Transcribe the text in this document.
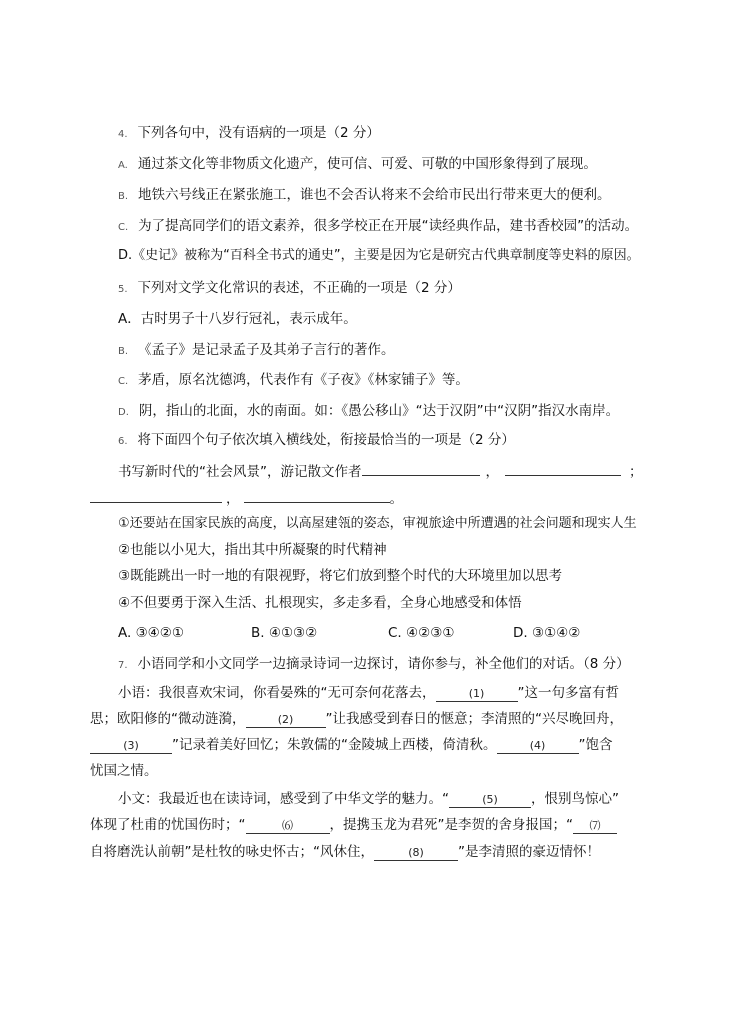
4. 下列各句中，没有语病的一项是（2 分）
A. 通过茶文化等非物质文化遗产，使可信、可爱、可敬的中国形象得到了展现。
B. 地铁六号线正在紧张施工，谁也不会否认将来不会给市民出行带来更大的便利。
C. 为了提高同学们的语文素养，很多学校正在开展“读经典作品，建书香校园”的活动。
D.《史记》被称为“百科全书式的通史”，主要是因为它是研究古代典章制度等史料的原因。
5. 下列对文学文化常识的表述，不正确的一项是（2 分）
A．古时男子十八岁行冠礼，表示成年。
B. 《孟子》是记录孟子及其弟子言行的著作。
C. 茅盾，原名沈德鸿，代表作有《子夜》《林家铺子》等。
D. 阴，指山的北面，水的南面。如：《愚公移山》“达于汉阴”中“汉阴”指汉水南岸。
6. 将下面四个句子依次填入横线处，衔接最恰当的一项是（2 分）
书写新时代的“社会风景”，游记散文作者	，	；
，	。
①还要站在国家民族的高度，以高屋建瓴的姿态，审视旅途中所遭遇的社会问题和现实人生
②也能以小见大，指出其中所凝聚的时代精神
③既能跳出一时一地的有限视野，将它们放到整个时代的大环境里加以思考
④不但要勇于深入生活、扎根现实，多走多看，全身心地感受和体悟
A. ③④②①	B. ④①③②	C. ④②③①	D. ③①④②
7. 小语同学和小文同学一边摘录诗词一边探讨，请你参与，补全他们的对话。（8 分）
小语：我很喜欢宋词，你看晏殊的“无可奈何花落去，	(1) ”这一句多富有哲
思；欧阳修的“微动涟漪，	(2) ”让我感受到春日的惬意；李清照的“兴尽晚回舟，
(3) ”记录着美好回忆；朱敦儒的“金陵城上西楼，倚清秋。	(4) ”饱含
忧国之情。
小文：我最近也在读诗词，感受到了中华文学的魅力。“	(5) ，恨别鸟惊心”
体现了杜甫的忧国伤时；“	⑹	，提携玉龙为君死”是李贺的舍身报国；“ ⑺
自将磨洗认前朝”是杜牧的咏史怀古；“风休住，	(8)	”是李清照的豪迈情怀！
